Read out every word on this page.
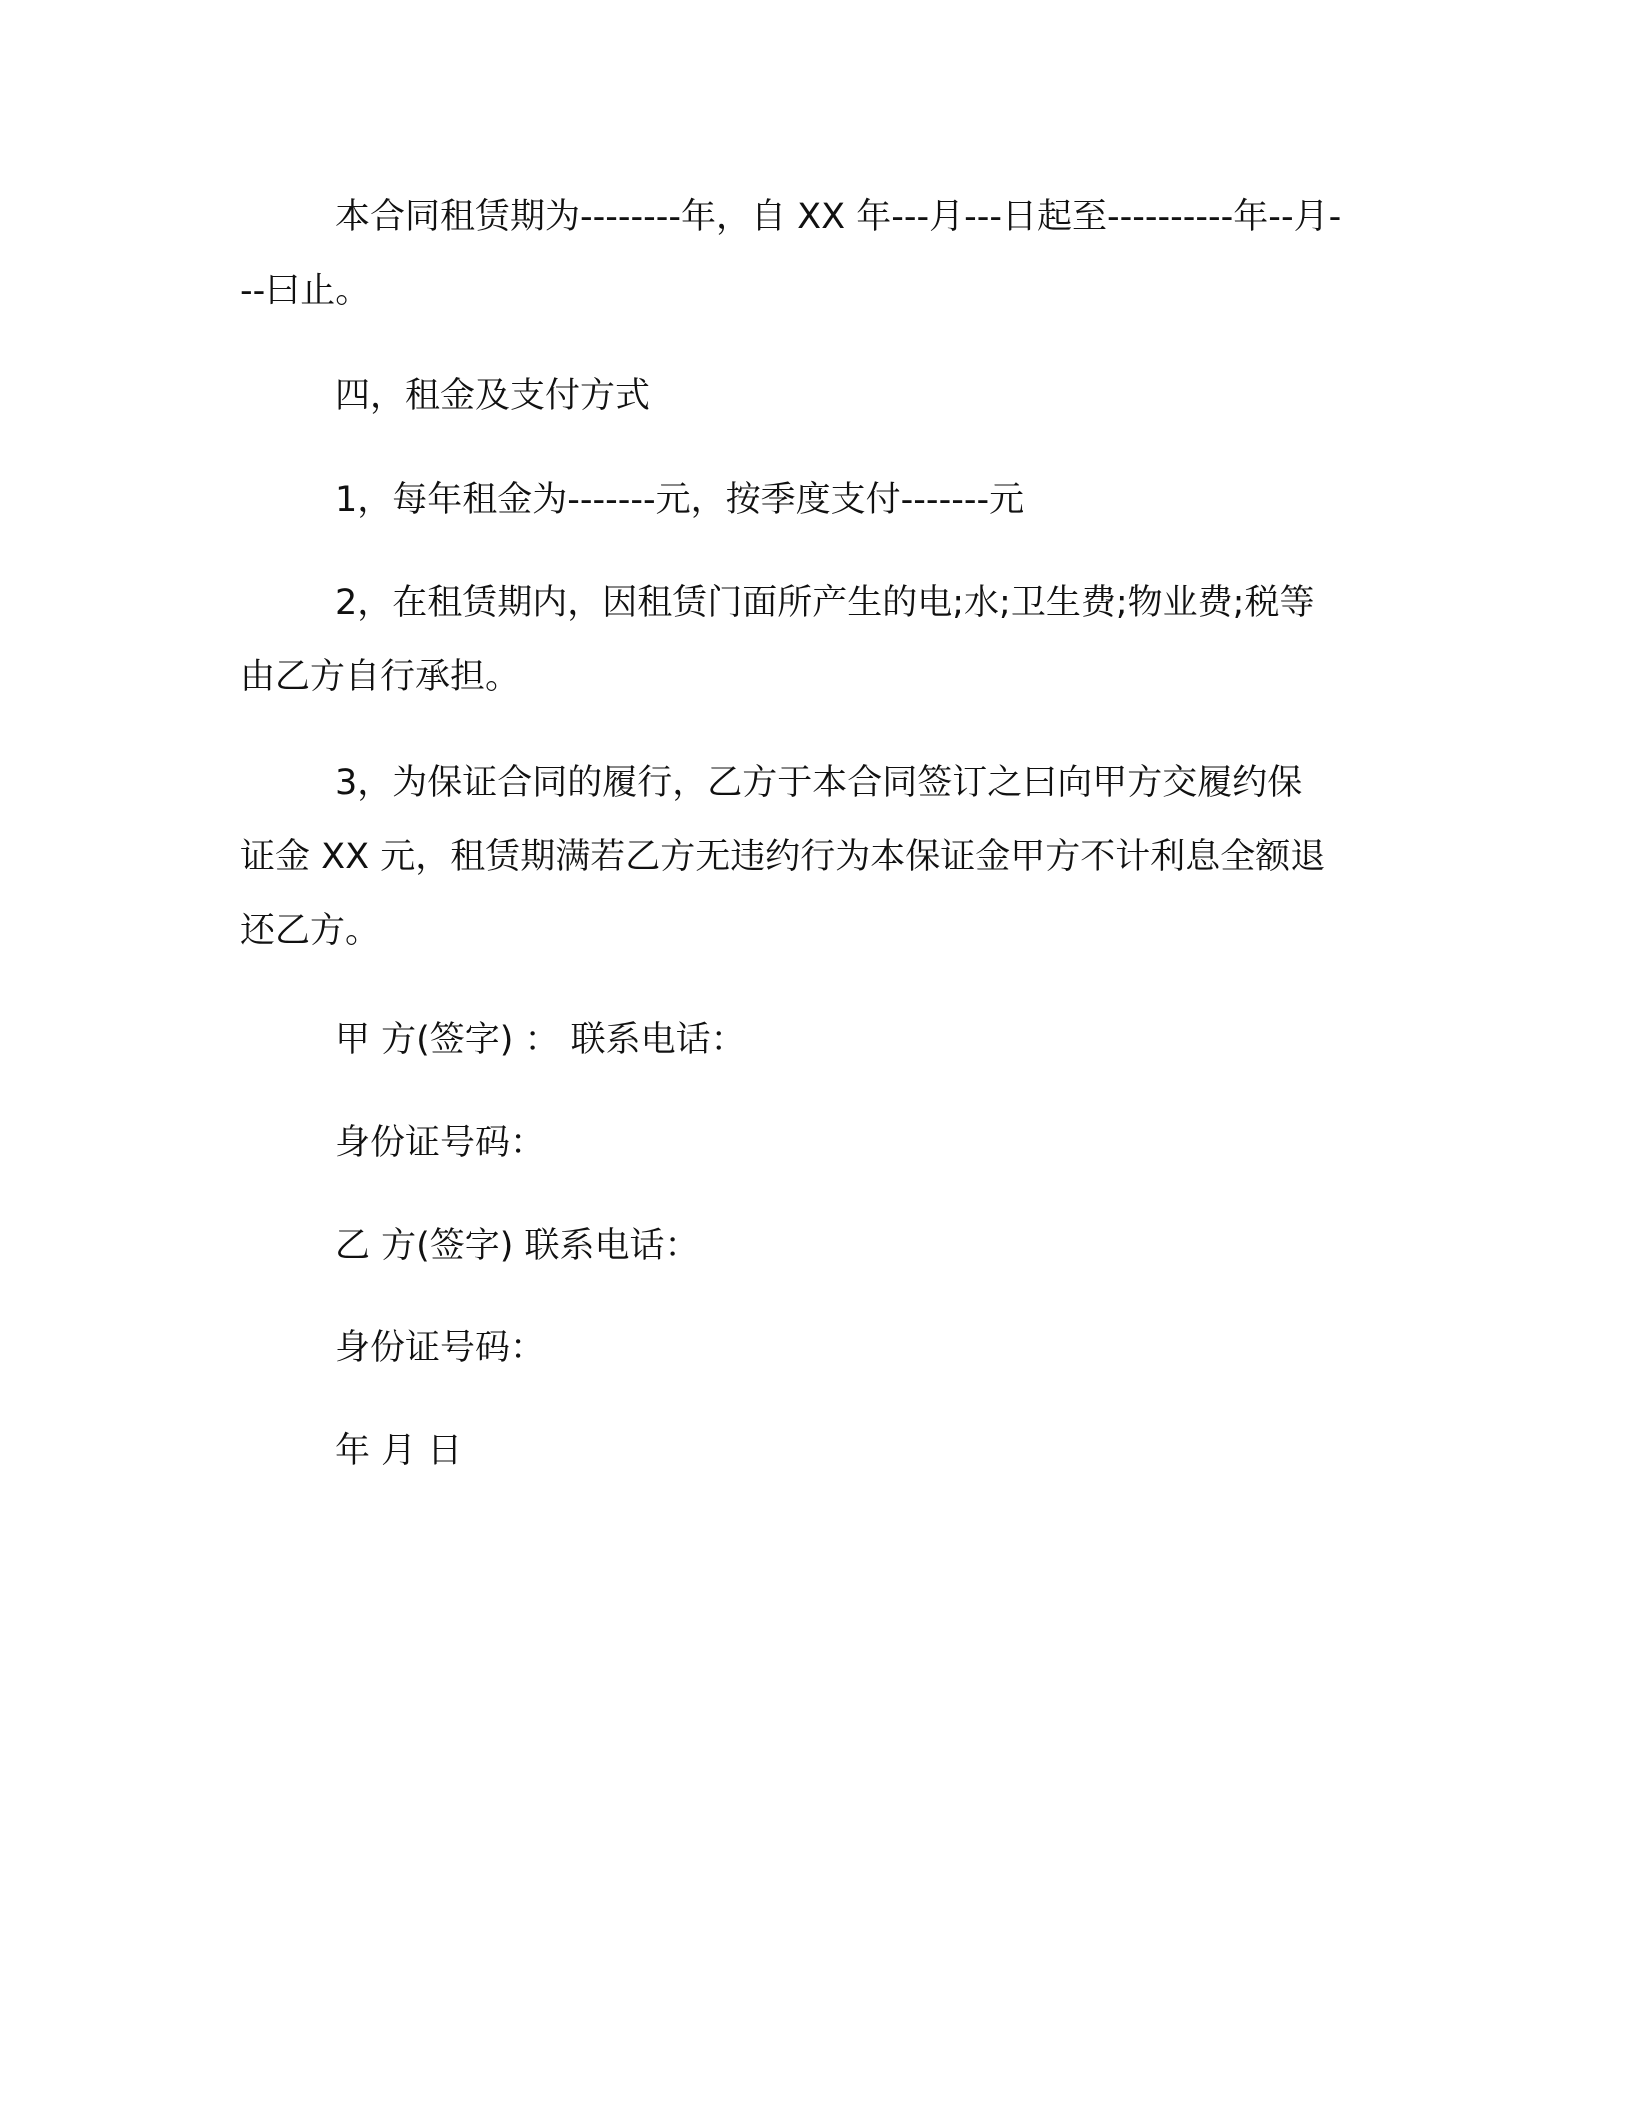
本合同租赁期为--------年，自 XX 年---月---日起至----------年--月-
--曰止。
四，租金及支付方式
1，每年租金为-------元，按季度支付-------元
2，在租赁期内，因租赁门面所产生的电;水;卫生费;物业费;税等
由乙方自行承担。
3，为保证合同的履行，乙方于本合同签订之曰向甲方交履约保
证金 XX 元，租赁期满若乙方无违约行为本保证金甲方不计利息全额退
还乙方。
甲 方(签字) ： 联系电话：
身份证号码：
乙 方(签字) 联系电话：
身份证号码：
年 月 日
